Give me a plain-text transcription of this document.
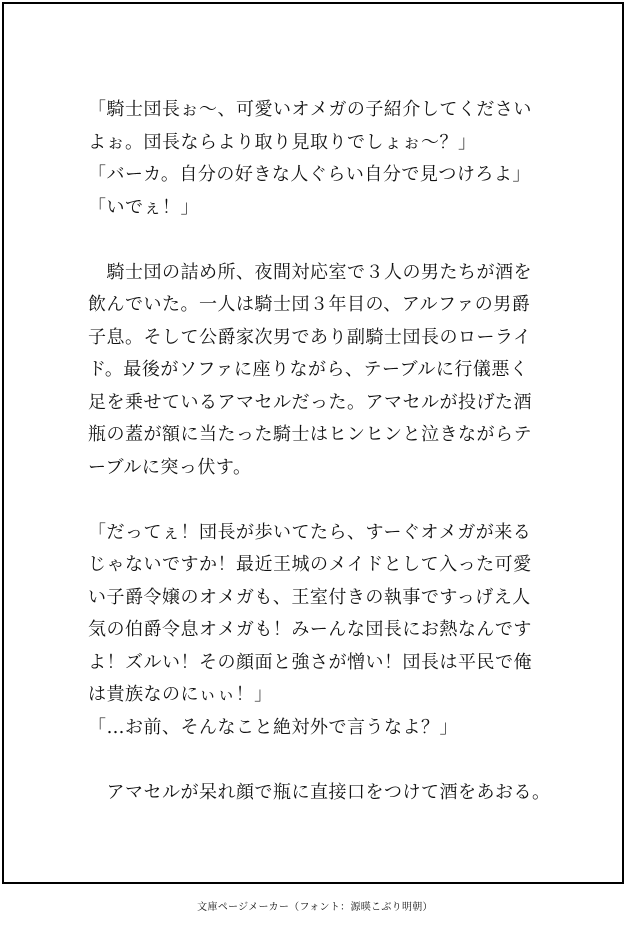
「騎士団長ぉ〜、可愛いオメガの子紹介してください
よぉ。団長ならより取り見取りでしょぉ〜？」
「バーカ。自分の好きな人ぐらい自分で見つけろよ」
「いでぇ！」
　騎士団の詰め所、夜間対応室で３人の男たちが酒を
飲んでいた。一人は騎士団３年目の、アルファの男爵
子息。そして公爵家次男であり副騎士団長のローライ
ド。最後がソファに座りながら、テーブルに行儀悪く
足を乗せているアマセルだった。アマセルが投げた酒
瓶の蓋が額に当たった騎士はヒンヒンと泣きながらテ
ーブルに突っ伏す。
「だってぇ！団長が歩いてたら、すーぐオメガが来る
じゃないですか！最近王城のメイドとして入った可愛
い子爵令嬢のオメガも、王室付きの執事ですっげえ人
気の伯爵令息オメガも！みーんな団長にお熱なんです
よ！ズルい！その顔面と強さが憎い！団長は平民で俺
は貴族なのにぃぃ！」
「…お前、そんなこと絶対外で言うなよ？」
　アマセルが呆れ顔で瓶に直接口をつけて酒をあおる。
文庫ページメーカー（フォント：源暎こぶり明朝）
